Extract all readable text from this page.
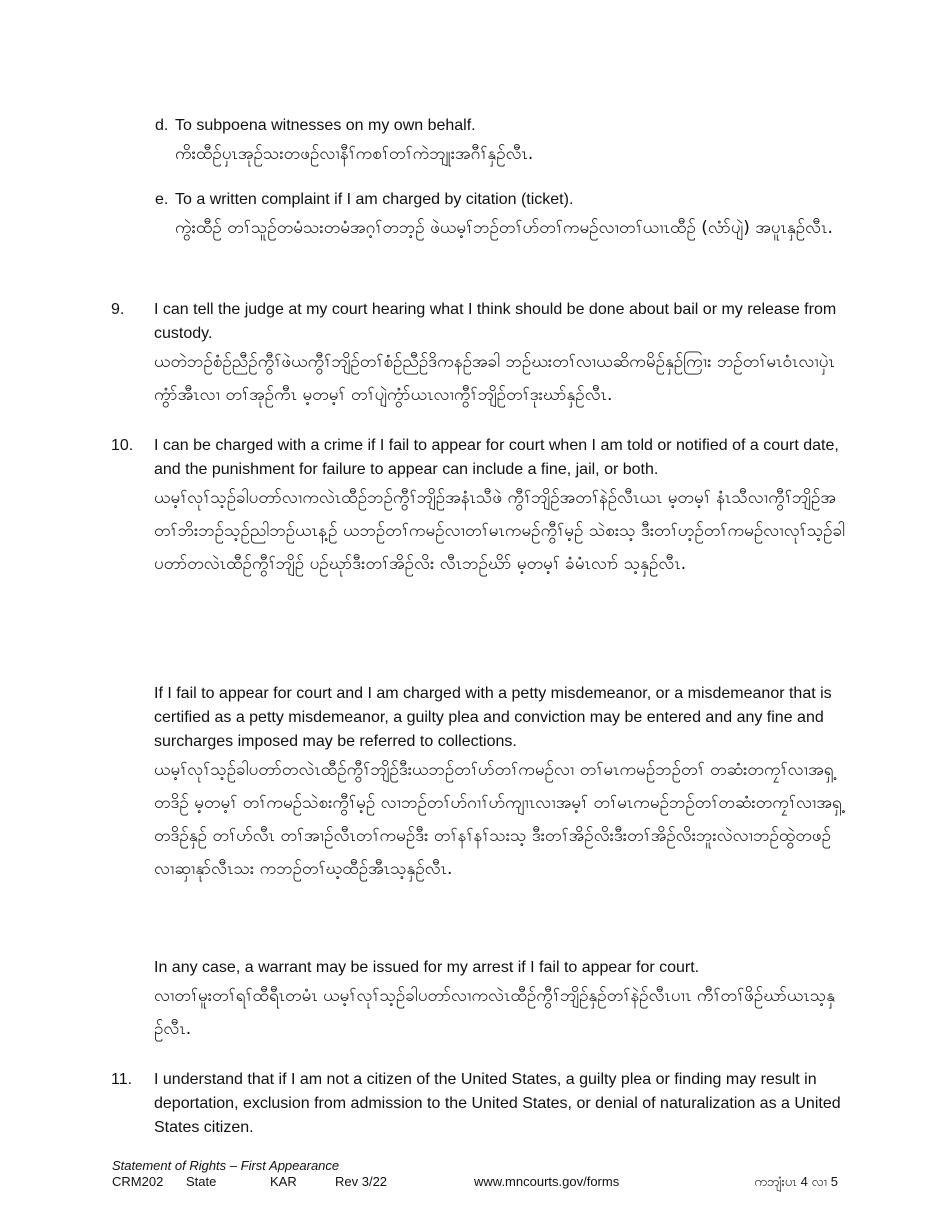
d. To subpoena witnesses on my own behalf.
ကိးထီဉ်ပှၤအုဉ်သးတဖဉ်လၢနီၢ်ကစၢ်တၢ်ကဲဘျုးအဂီၢ်နှဉ်လီၤ.
e. To a written complaint if I am charged by citation (ticket).
ကွဲးထီဉ် တၢ်သူဉ်တမံသးတမံအဂ့ၢ်တဘ့ဉ် ဖဲယမ့ၢ်ဘဉ်တၢ်ဟ်တၢ်ကမဉ်လၢတၢ်ယၢၤထီဉ် (လံာ်ပျဲ) အပူၤနှဉ်လီၤ.
9. I can tell the judge at my court hearing what I think should be done about bail or my release from custody.
ယတဲဘဉ်စံဉ်ညီဉ်ကွီၢ်ဖဲယကွီၢ်ဘျိဉ်တၢ်စံဉ်ညီဉ်ဒိကနဉ်အခါ ဘဉ်ဃးတၢ်လၢယဆိကမိဉ်နှဉ်ကြၢး ဘဉ်တၢ်မၤဝံၤလၢပှဲၤကွံာ်အီၤလၢ တၢ်အုဉ်ကီၤ မ့တမ့ၢ် တၢ်ပျဲကွံာ်ယၤလၢကွီၢ်ဘျိဉ်တၢ်ဒုးဃာ်နှဉ်လီၤ.
10. I can be charged with a crime if I fail to appear for court when I am told or notified of a court date, and the punishment for failure to appear can include a fine, jail, or both.
ယမ့ၢ်လုၢ်သ့ဉ်ခါပတာ်လၢကလဲၤထီဉ်ဘဉ်ကွီၢ်ဘျိဉ်အနံၤသီဖဲ ကွီၢ်ဘျိဉ်အတၢ်နဲဉ်လီၤယၤ မ့တမ့ၢ် နံၤသီလၢကွီၢ်ဘျိဉ်အတၢ်ဘိးဘဉ်သ့ဉ်ညါဘဉ်ယၤန့ဉ် ယဘဉ်တၢ်ကမဉ်လၢတၢ်မၤကမဉ်ကွီၢ်မ့ဉ် သဲစးသ့ ဒီးတၢ်ဟ့ဉ်တၢ်ကမဉ်လၢလုၢ်သ့ဉ်ခါပတာ်တလဲၤထီဉ်ကွီၢ်ဘျိဉ် ပဉ်ဃုာ်ဒီးတၢ်အိဉ်လိး လီၤဘဉ်ဃိာ် မ့တမ့ၢ် ခံမံၤလၢာ် သ့နှဉ်လီၤ.
If I fail to appear for court and I am charged with a petty misdemeanor, or a misdemeanor that is certified as a petty misdemeanor, a guilty plea and conviction may be entered and any fine and surcharges imposed may be referred to collections.
ယမ့ၢ်လုၢ်သ့ဉ်ခါပတာ်တလဲၤထီဉ်ကွီၢ်ဘျိဉ်ဒီးယဘဉ်တၢ်ဟ်တၢ်ကမဉ်လၢ တၢ်မၤကမဉ်ဘဉ်တၢ် တဆံးတကၠၢ်လၢအရှ့တဒိဉ် မ့တမ့ၢ် တၢ်ကမဉ်သဲစးကွီၢ်မ့ဉ် လၢဘဉ်တၢ်ဟ်ဂၢၢ်ဟ်ကျၢၤလၢအမ့ၢ် တၢ်မၤကမဉ်ဘဉ်တၢ်တဆံးတကၠၢ်လၢအရှ့တဒိဉ်နှဉ် တၢ်ဟ်လီၤ တၢ်အၢဉ်လီၤတၢ်ကမဉ်ဒီး တၢ်နၢ်နၢ်သးသ့ ဒီးတၢ်အိဉ်လိးဒီးတၢ်အိဉ်လိးဘူးလဲလၢဘဉ်ထွဲတဖဉ် လၢဆှၢနုာ်လီၤသး ကဘဉ်တၢ်ဃ့ထီဉ်အီၤသ့နှဉ်လီၤ.
In any case, a warrant may be issued for my arrest if I fail to appear for court.
လၢတၢ်မူးတၢ်ရၢ်ထီရီၤတမံၤ ယမ့ၢ်လုၢ်သ့ဉ်ခါပတာ်လၢကလဲၤထီဉ်ကွီၢ်ဘျိဉ်နှဉ်တၢ်နဲဉ်လီၤပၢၤ ကီၢ်တၢ်ဖိဉ်ဃာ်ယၤသ့နှဉ်လီၤ.
11. I understand that if I am not a citizen of the United States, a guilty plea or finding may result in deportation, exclusion from admission to the United States, or denial of naturalization as a United States citizen.
Statement of Rights – First Appearance
CRM202 State	KAR	Rev 3/22	www.mncourts.gov/forms	ကဘျံးပၤ 4 လၢ 5
